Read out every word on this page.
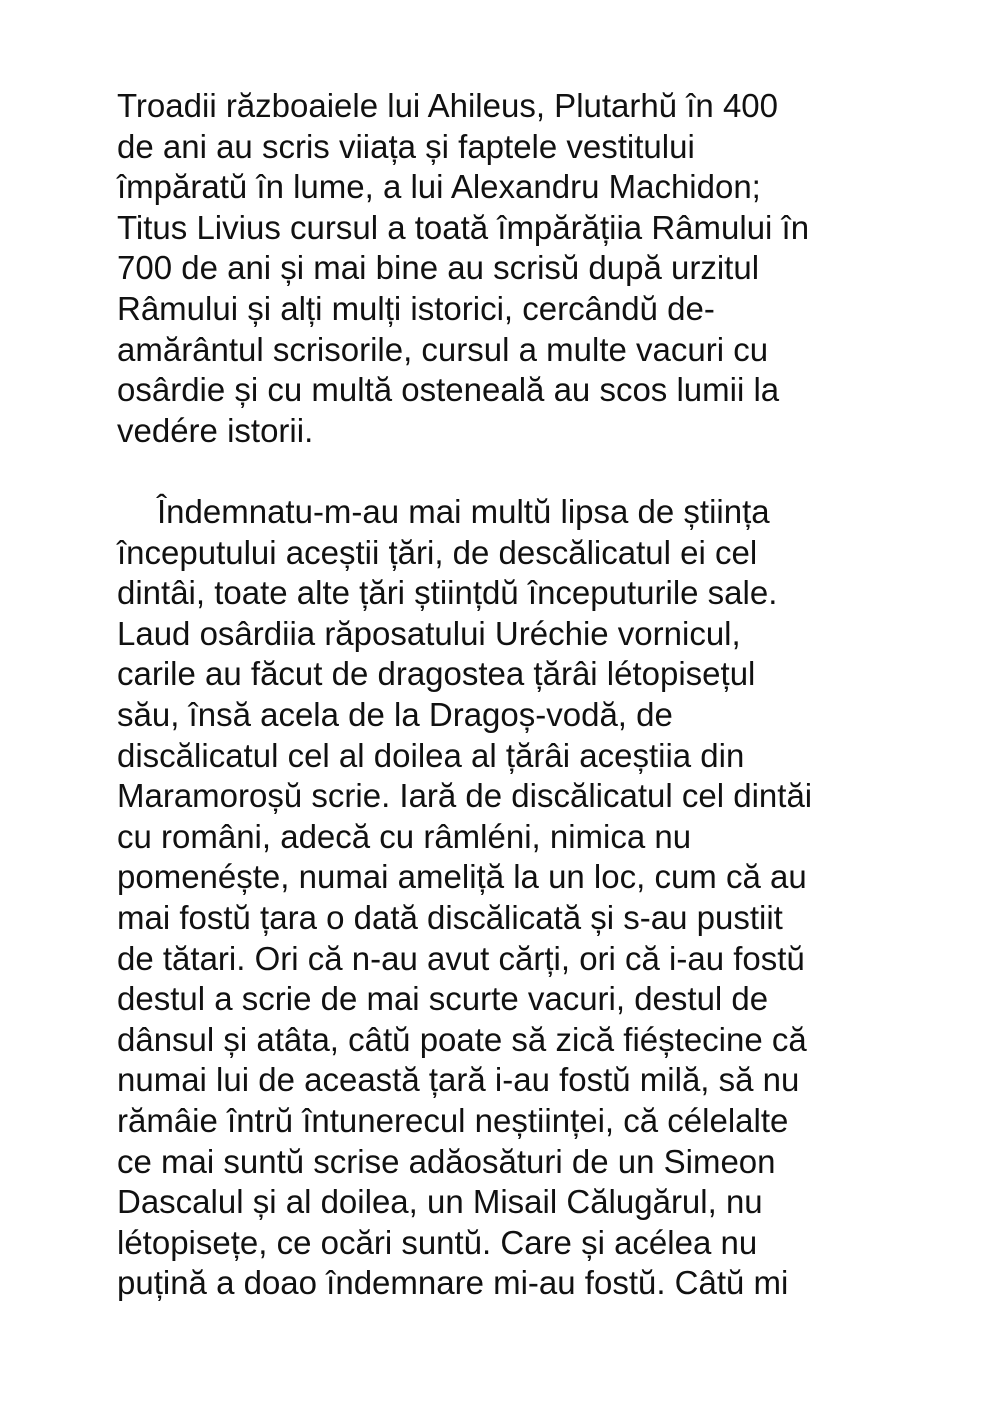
Troadii războaiele lui Ahileus, Plutarhŭ în 400
de ani au scris viiața și faptele vestitului
împăratŭ în lume, a lui Alexandru Machidon;
Titus Livius cursul a toată împărățiia Râmului în
700 de ani și mai bine au scrisŭ după urzitul
Râmului și alți mulți istorici, cercândŭ de-
amărântul scrisorile, cursul a multe vacuri cu
osârdie și cu multă osteneală au scos lumii la
vedére istorii.
Îndemnatu-m-au mai multŭ lipsa de știința
începutului aceștii țări, de descălicatul ei cel
dintâi, toate alte țări științdŭ începuturile sale.
Laud osârdiia răposatului Uréchie vornicul,
carile au făcut de dragostea țărâi létopisețul
său, însă acela de la Dragoș-vodă, de
discălicatul cel al doilea al țărâi aceștiia din
Maramoroșŭ scrie. Iară de discălicatul cel dintăi
cu români, adecă cu râmléni, nimica nu
pomenéște, numai ameliță la un loc, cum că au
mai fostŭ țara o dată discălicată și s-au pustiit
de tătari. Ori că n-au avut cărți, ori că i-au fostŭ
destul a scrie de mai scurte vacuri, destul de
dânsul și atâta, câtŭ poate să zică fiéștecine că
numai lui de această țară i-au fostŭ milă, să nu
rămâie întrŭ întunerecul neștiinței, că célelalte
ce mai suntŭ scrise adăosături de un Simeon
Dascalul și al doilea, un Misail Călugărul, nu
létopisețe, ce ocări suntŭ. Care și acélea nu
puțină a doao îndemnare mi-au fostŭ. Câtŭ mi
